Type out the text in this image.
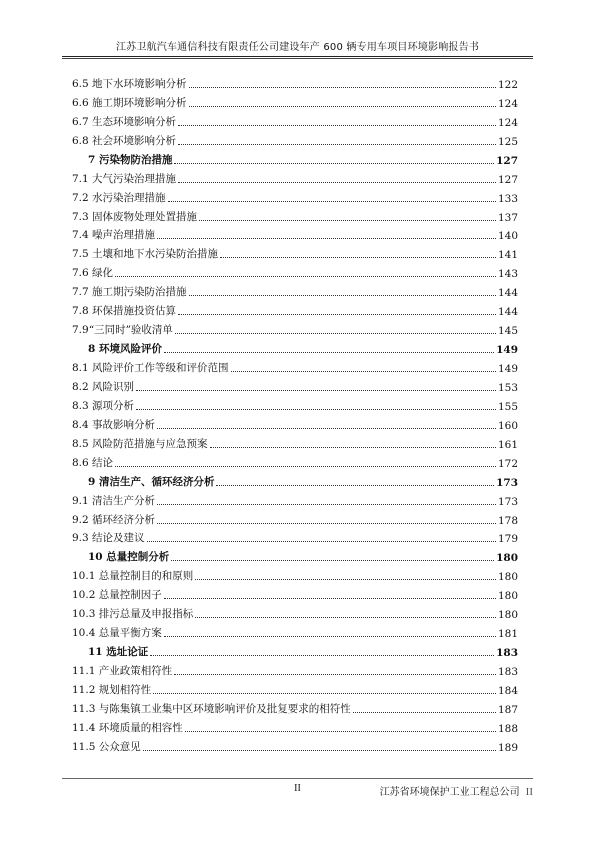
江苏卫航汽车通信科技有限责任公司建设年产 600 辆专用车项目环境影响报告书
6.5 地下水环境影响分析	122
6.6 施工期环境影响分析	124
6.7 生态环境影响分析	124
6.8 社会环境影响分析	125
7 污染物防治措施	127
7.1 大气污染治理措施	127
7.2 水污染治理措施	133
7.3 固体废物处理处置措施	137
7.4 噪声治理措施	140
7.5 土壤和地下水污染防治措施	141
7.6 绿化	143
7.7 施工期污染防治措施	144
7.8 环保措施投资估算	144
7.9“三同时”验收清单	145
8 环境风险评价	149
8.1 风险评价工作等级和评价范围	149
8.2 风险识别	153
8.3 源项分析	155
8.4 事故影响分析	160
8.5 风险防范措施与应急预案	161
8.6 结论	172
9 清洁生产、循环经济分析	173
9.1 清洁生产分析	173
9.2 循环经济分析	178
9.3 结论及建议	179
10 总量控制分析	180
10.1 总量控制目的和原则	180
10.2 总量控制因子	180
10.3 排污总量及申报指标	180
10.4 总量平衡方案	181
11 选址论证	183
11.1 产业政策相符性	183
11.2 规划相符性	184
11.3 与陈集镇工业集中区环境影响评价及批复要求的相符性	187
11.4 环境质量的相容性	188
11.5 公众意见	189
II	江苏省环境保护工业工程总公司 II
